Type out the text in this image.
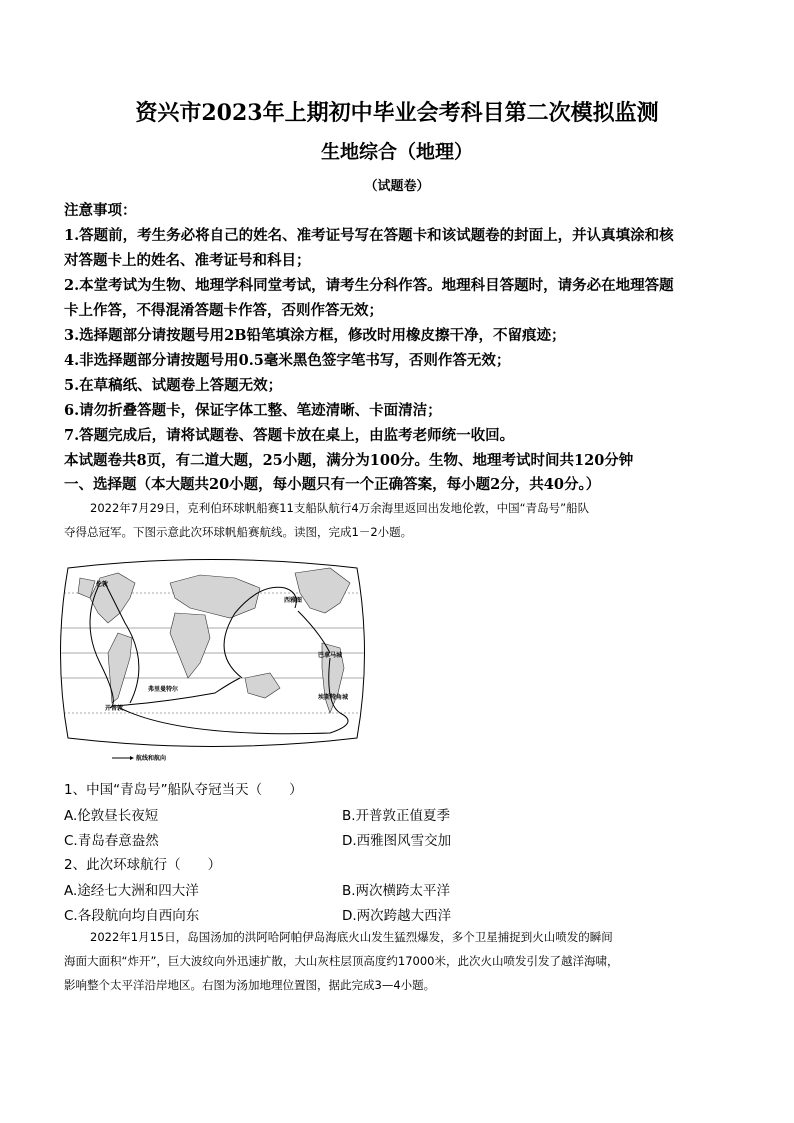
资兴市2023年上期初中毕业会考科目第二次模拟监测
生地综合（地理）
（试题卷）
注意事项：
1.答题前，考生务必将自己的姓名、准考证号写在答题卡和该试题卷的封面上，并认真填涂和核
对答题卡上的姓名、准考证号和科目；
2.本堂考试为生物、地理学科同堂考试，请考生分科作答。地理科目答题时，请务必在地理答题
卡上作答，不得混淆答题卡作答，否则作答无效；
3.选择题部分请按题号用2B铅笔填涂方框，修改时用橡皮擦干净，不留痕迹；
4.非选择题部分请按题号用0.5毫米黑色签字笔书写，否则作答无效；
5.在草稿纸、试题卷上答题无效；
6.请勿折叠答题卡，保证字体工整、笔迹清晰、卡面清洁；
7.答题完成后，请将试题卷、答题卡放在桌上，由监考老师统一收回。
本试题卷共8页，有二道大题，25小题，满分为100分。生物、地理考试时间共120分钟
一、选择题（本大题共20小题，每小题只有一个正确答案，每小题2分，共40分。）
2022年7月29日，克利伯环球帆船赛11支船队航行4万余海里返回出发地伦敦，中国“青岛号”船队
夺得总冠军。下图示意此次环球帆船赛航线。读图，完成1－2小题。
伦敦
西雅图
巴拿马城
弗里曼特尔
开普敦
埃斯特角城
航线和航向
1、中国“青岛号”船队夺冠当天（　　）
A.伦敦昼长夜短	B.开普敦正值夏季
C.青岛春意盎然	D.西雅图风雪交加
2、此次环球航行（　　）
A.途经七大洲和四大洋	B.两次横跨太平洋
C.各段航向均自西向东	D.两次跨越大西洋
2022年1月15日，岛国汤加的洪阿哈阿帕伊岛海底火山发生猛烈爆发，多个卫星捕捉到火山喷发的瞬间
海面大面积“炸开”，巨大波纹向外迅速扩散，大山灰柱层顶高度约17000米，此次火山喷发引发了越洋海啸，
影响整个太平洋沿岸地区。右图为汤加地理位置图，据此完成3—4小题。
